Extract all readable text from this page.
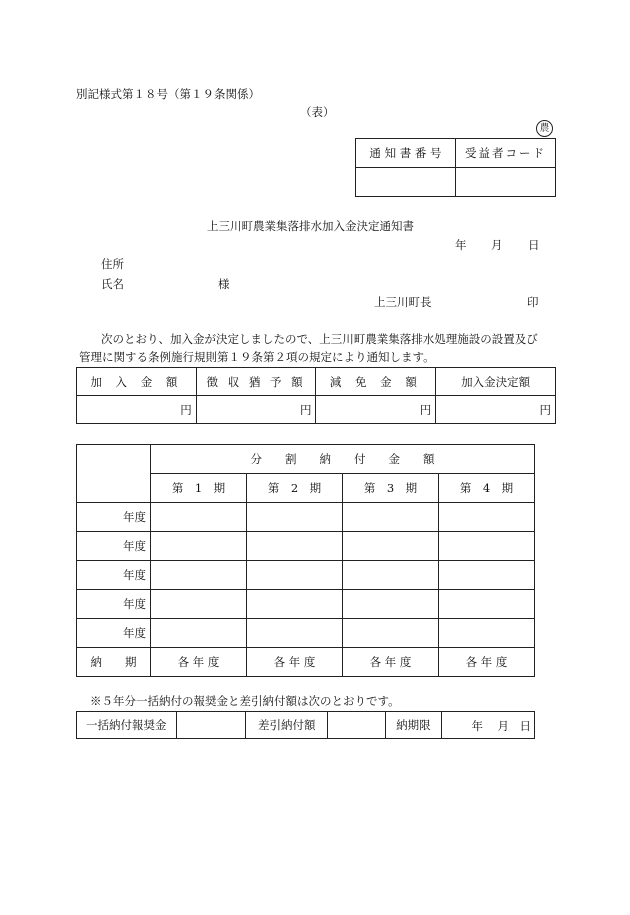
別記様式第１８号（第１９条関係）
（表）
農
通 知 書 番 号	受益者コード

上三川町農業集落排水加入金決定通知書
年 月 日
住所
氏名	様
上三川町長	印
次のとおり、加入金が決定しましたので、上三川町農業集落排水処理施設の設置及び
管理に関する条例施行規則第１９条第２項の規定により通知します。
加 入 金 額	徴 収 猶 予 額	減 免 金 額	加入金決定額
円	円	円	円
	分　　割　　納　　付　　金　　額			
	第　1　期	第　2　期	第　3　期	第　4　期
年度				
年度				
年度				
年度				
年度				
納　　期	各 年 度	各 年 度	各 年 度	各 年 度
※５年分一括納付の報奨金と差引納付額は次のとおりです。
一括納付報奨金		差引納付額		納期限	年 月 日
